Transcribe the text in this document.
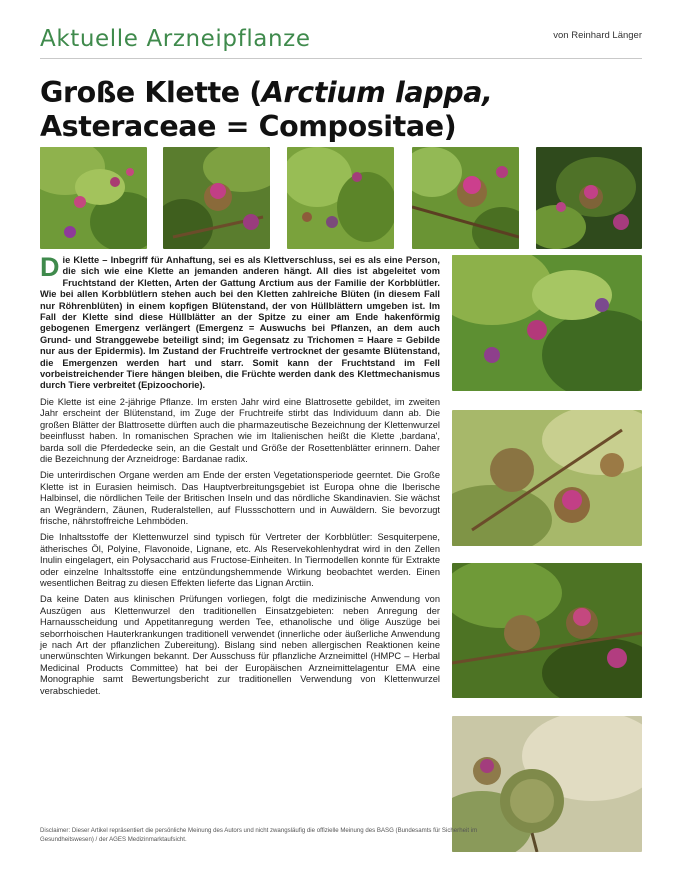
Aktuelle Arzneipflanze	von Reinhard Länger
Große Klette (Arctium lappa, Asteraceae = Compositae)

Die Klette – Inbegriff für Anhaftung, sei es als Klettverschluss, sei es als eine Person, die sich wie eine Klette an jemanden anderen hängt. All dies ist abgeleitet vom Fruchtstand der Kletten, Arten der Gattung Arctium aus der Familie der Korbblütler. Wie bei allen Korbblütlern stehen auch bei den Kletten zahlreiche Blüten (in diesem Fall nur Röhrenblüten) in einem kopfigen Blütenstand, der von Hüllblättern umgeben ist. Im Fall der Klette sind diese Hüllblätter an der Spitze zu einer am Ende hakenförmig gebogenen Emergenz verlängert (Emergenz = Auswuchs bei Pflanzen, an dem auch Grund- und Stranggewebe beteiligt sind; im Gegensatz zu Trichomen = Haare = Gebilde nur aus der Epidermis). Im Zustand der Fruchtreife vertrocknet der gesamte Blütenstand, die Emergenzen werden hart und starr. Somit kann der Fruchtstand im Fell vorbeistreichender Tiere hängen bleiben, die Früchte werden dank des Klettmechanismus durch Tiere verbreitet (Epizoochorie).

Die Klette ist eine 2-jährige Pflanze. Im ersten Jahr wird eine Blattrosette gebildet, im zweiten Jahr erscheint der Blütenstand, im Zuge der Fruchtreife stirbt das Individuum dann ab. Die großen Blätter der Blattrosette dürften auch die pharmazeutische Bezeichnung der Klettenwurzel beeinflusst haben. In romanischen Sprachen wie im Italienischen heißt die Klette ‚bardana', barda soll die Pferdedecke sein, an die Gestalt und Größe der Rosettenblätter erinnern. Daher die Bezeichnung der Arzneidroge: Bardanae radix.

Die unterirdischen Organe werden am Ende der ersten Vegetationsperiode geerntet. Die Große Klette ist in Eurasien heimisch. Das Hauptverbreitungsgebiet ist Europa ohne die Iberische Halbinsel, die nördlichen Teile der Britischen Inseln und das nördliche Skandinavien. Sie wächst an Wegrändern, Zäunen, Ruderalstellen, auf Flussschottern und in Auwäldern. Sie bevorzugt frische, nährstoffreiche Lehmböden.

Die Inhaltsstoffe der Klettenwurzel sind typisch für Vertreter der Korbblütler: Sesquiterpene, ätherisches Öl, Polyine, Flavonoide, Lignane, etc. Als Reservekohlenhydrat wird in den Zellen Inulin eingelagert, ein Polysaccharid aus Fructose-Einheiten. In Tiermodellen konnte für Extrakte oder einzelne Inhaltsstoffe eine entzündungshemmende Wirkung beobachtet werden. Einen wesentlichen Beitrag zu diesen Effekten lieferte das Lignan Arctiin.

Da keine Daten aus klinischen Prüfungen vorliegen, folgt die medizinische Anwendung von Auszügen aus Klettenwurzel den traditionellen Einsatzgebieten: neben Anregung der Harnausscheidung und Appetitanregung werden Tee, ethanolische und ölige Auszüge bei seborrhoischen Hauterkrankungen traditionell verwendet (innerliche oder äußerliche Anwendung je nach Art der pflanzlichen Zubereitung). Bislang sind neben allergischen Reaktionen keine unerwünschten Wirkungen bekannt. Der Ausschuss für pflanzliche Arzneimittel (HMPC – Herbal Medicinal Products Committee) hat bei der Europäischen Arzneimittelagentur EMA eine Monographie samt Bewertungsbericht zur traditionellen Verwendung von Klettenwurzel verabschiedet.

Disclaimer: Dieser Artikel repräsentiert die persönliche Meinung des Autors und nicht zwangsläufig die offizielle Meinung des BASG (Bundesamts für Sicherheit im Gesundheitswesen) / der AGES Medizinmarktaufsicht.
